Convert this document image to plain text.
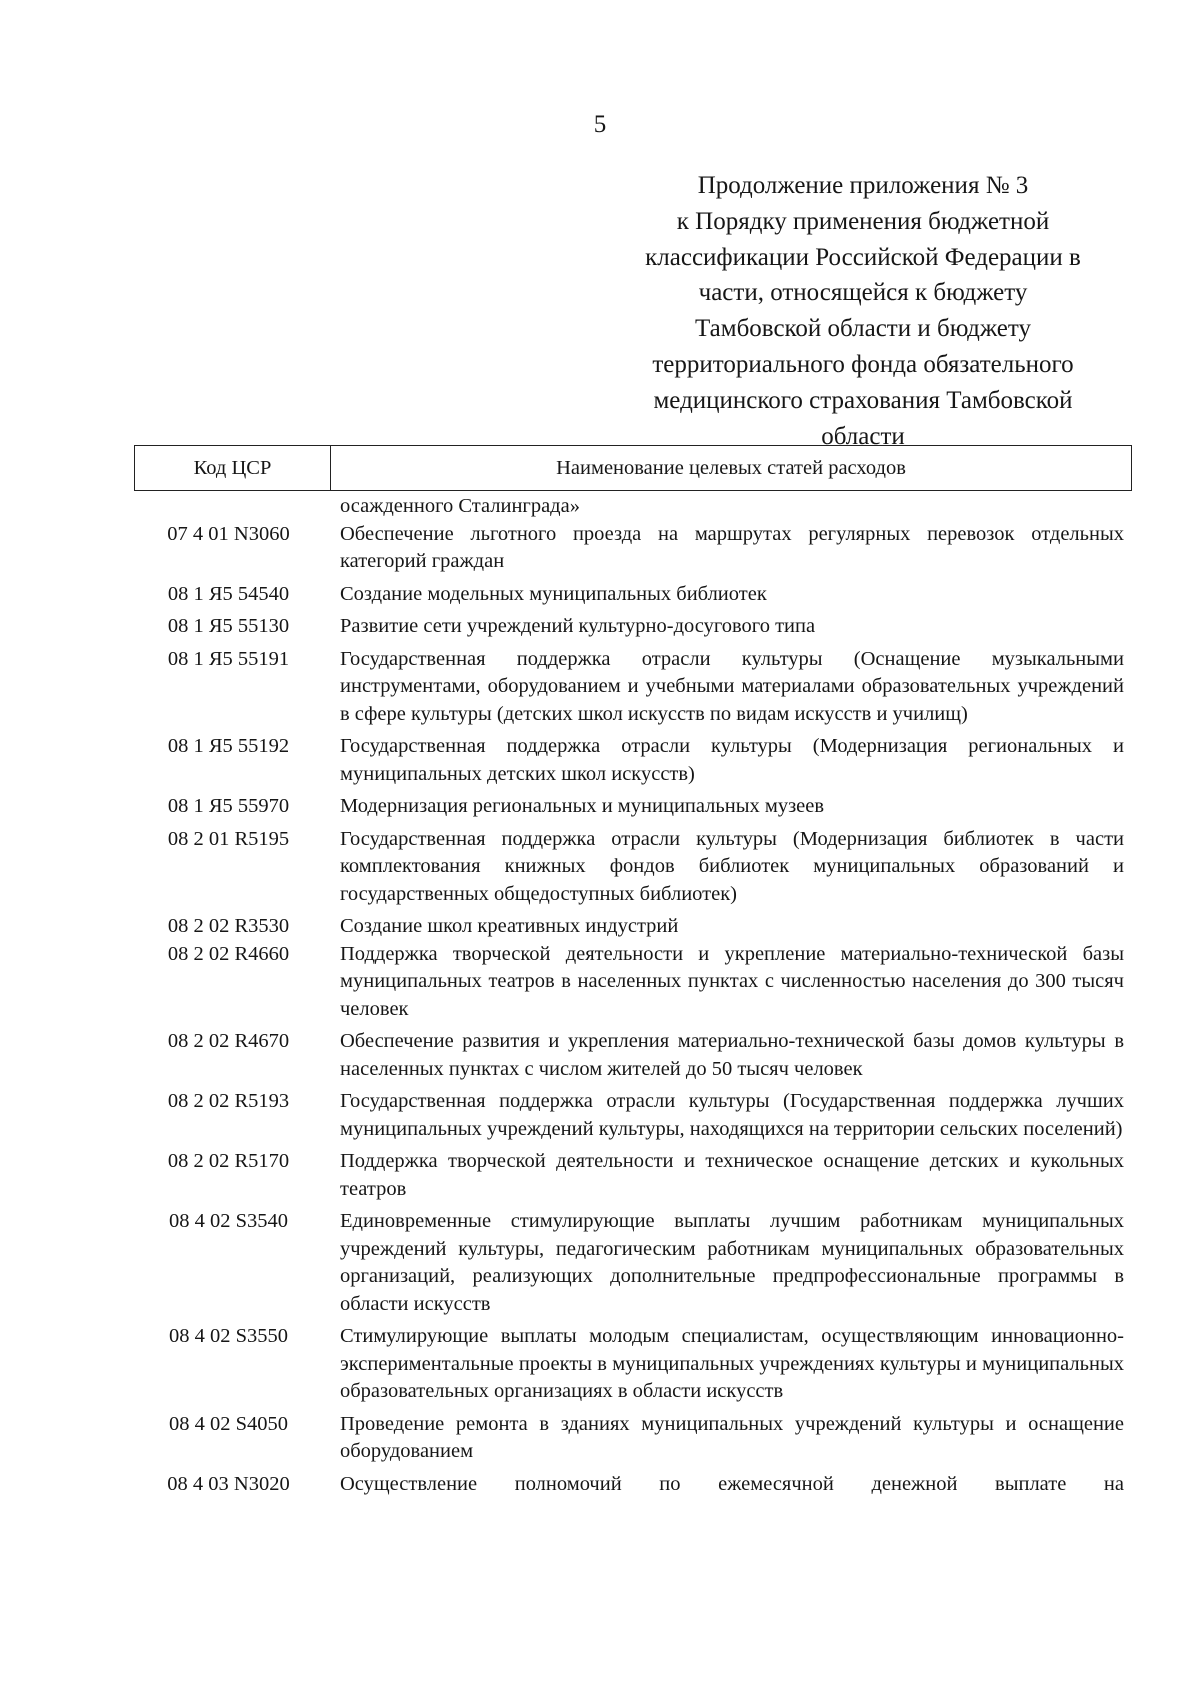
5
Продолжение приложения № 3
к Порядку применения бюджетной
классификации Российской Федерации в
части, относящейся к бюджету
Тамбовской области и бюджету
территориального фонда обязательного
медицинского страхования Тамбовской
области
Код ЦСР	Наименование целевых статей расходов
осажденного Сталинграда»
07 4 01 N3060	Обеспечение льготного проезда на маршрутах регулярных перевозок отдельных категорий граждан
08 1 Я5 54540	Создание модельных муниципальных библиотек
08 1 Я5 55130	Развитие сети учреждений культурно-досугового типа
08 1 Я5 55191	Государственная поддержка отрасли культуры (Оснащение музыкальными инструментами, оборудованием и учебными материалами образовательных учреждений в сфере культуры (детских школ искусств по видам искусств и училищ)
08 1 Я5 55192	Государственная поддержка отрасли культуры (Модернизация региональных и муниципальных детских школ искусств)
08 1 Я5 55970	Модернизация региональных и муниципальных музеев
08 2 01 R5195	Государственная поддержка отрасли культуры (Модернизация библиотек в части комплектования книжных фондов библиотек муниципальных образований и государственных общедоступных библиотек)
08 2 02 R3530	Создание школ креативных индустрий
08 2 02 R4660	Поддержка творческой деятельности и укрепление материально-технической базы муниципальных театров в населенных пунктах с численностью населения до 300 тысяч человек
08 2 02 R4670	Обеспечение развития и укрепления материально-технической базы домов культуры в населенных пунктах с числом жителей до 50 тысяч человек
08 2 02 R5193	Государственная поддержка отрасли культуры (Государственная поддержка лучших муниципальных учреждений культуры, находящихся на территории сельских поселений)
08 2 02 R5170	Поддержка творческой деятельности и техническое оснащение детских и кукольных театров
08 4 02 S3540	Единовременные стимулирующие выплаты лучшим работникам муниципальных учреждений культуры, педагогическим работникам муниципальных образовательных организаций, реализующих дополнительные предпрофессиональные программы в области искусств
08 4 02 S3550	Стимулирующие выплаты молодым специалистам, осуществляющим инновационно-экспериментальные проекты в муниципальных учреждениях культуры и муниципальных образовательных организациях в области искусств
08 4 02 S4050	Проведение ремонта в зданиях муниципальных учреждений культуры и оснащение оборудованием
08 4 03 N3020	Осуществление полномочий по ежемесячной денежной выплате на
